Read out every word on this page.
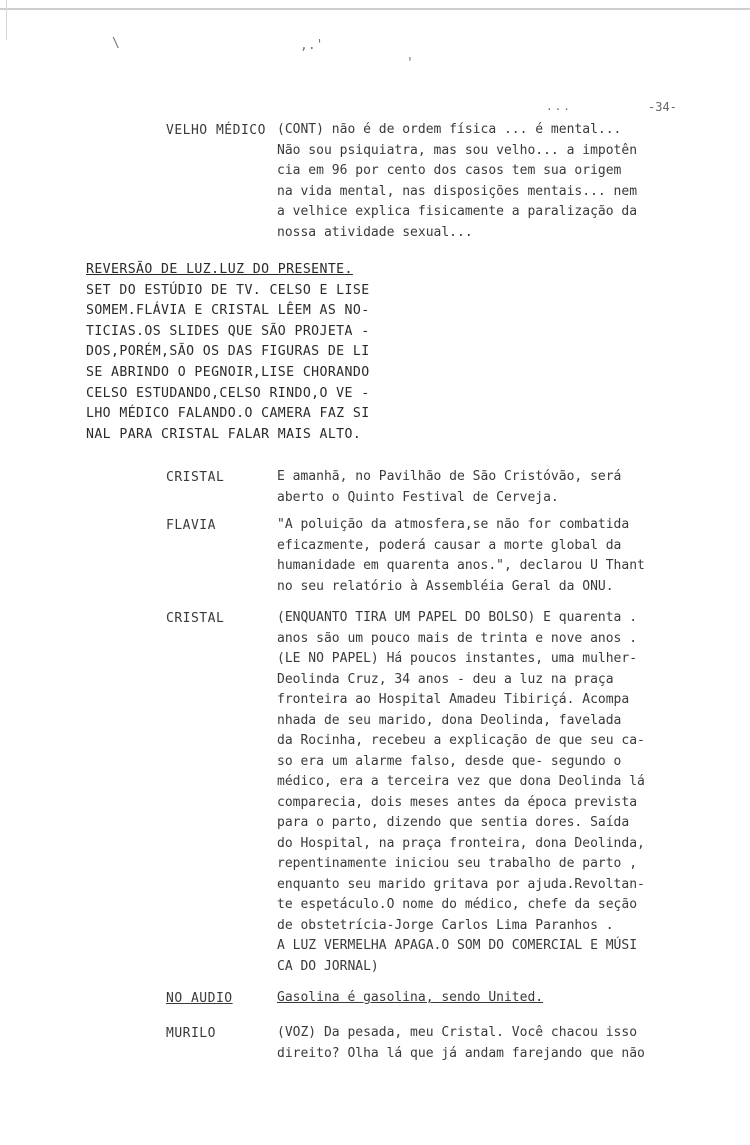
\	,.'
'
...	-34-
VELHO MÉDICO (CONT) não é de ordem física ... é mental...
Não sou psiquiatra, mas sou velho... a impotên
cia em 96 por cento dos casos tem sua origem
na vida mental, nas disposições mentais... nem
a velhice explica fisicamente a paralização da
nossa atividade sexual...
REVERSÃO DE LUZ.LUZ DO PRESENTE.
SET DO ESTÚDIO DE TV. CELSO E LISE
SOMEM.FLÁVIA E CRISTAL LÊEM AS NO-
TICIAS.OS SLIDES QUE SÃO PROJETA -
DOS,PORÉM,SÃO OS DAS FIGURAS DE LI
SE ABRINDO O PEGNOIR,LISE CHORANDO
CELSO ESTUDANDO,CELSO RINDO,O VE -
LHO MÉDICO FALANDO.O CAMERA FAZ SI
NAL PARA CRISTAL FALAR MAIS ALTO.
CRISTAL	E amanhã, no Pavilhão de São Cristóvão, será
aberto o Quinto Festival de Cerveja.
FLAVIA	"A poluição da atmosfera,se não for combatida
eficazmente, poderá causar a morte global da
humanidade em quarenta anos.", declarou U Thant
no seu relatório à Assembléia Geral da ONU.
CRISTAL	(ENQUANTO TIRA UM PAPEL DO BOLSO) E quarenta .
anos são um pouco mais de trinta e nove anos .
(LE NO PAPEL) Há poucos instantes, uma mulher-
Deolinda Cruz, 34 anos - deu a luz na praça
fronteira ao Hospital Amadeu Tibiriçá. Acompa
nhada de seu marido, dona Deolinda, favelada
da Rocinha, recebeu a explicação de que seu ca-
so era um alarme falso, desde que- segundo o
médico, era a terceira vez que dona Deolinda lá
comparecia, dois meses antes da época prevista
para o parto, dizendo que sentia dores. Saída
do Hospital, na praça fronteira, dona Deolinda,
repentinamente iniciou seu trabalho de parto ,
enquanto seu marido gritava por ajuda.Revoltan-
te espetáculo.O nome do médico, chefe da seção
de obstetrícia-Jorge Carlos Lima Paranhos .
A LUZ VERMELHA APAGA.O SOM DO COMERCIAL E MÚSI
CA DO JORNAL)
NO AUDIO	Gasolina é gasolina, sendo United.
MURILO	(VOZ) Da pesada, meu Cristal. Você chacou isso
direito? Olha lá que já andam farejando que não
